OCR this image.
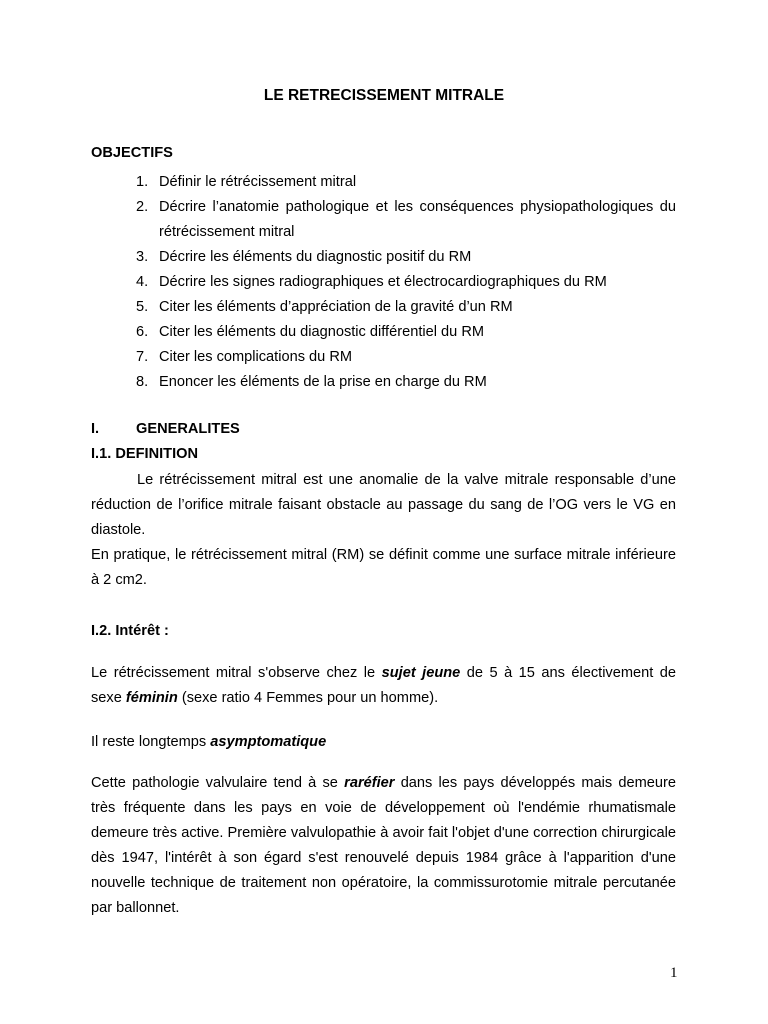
LE RETRECISSEMENT MITRALE

OBJECTIFS

1. Définir le rétrécissement mitral
2. Décrire l’anatomie pathologique et les conséquences physiopathologiques du rétrécissement mitral
3. Décrire les éléments du diagnostic positif du RM
4. Décrire les signes radiographiques et électrocardiographiques du RM
5. Citer les éléments d’appréciation de la gravité d’un RM
6. Citer les éléments du diagnostic différentiel du RM
7. Citer les complications du RM
8. Enoncer les éléments de la prise en charge du RM

I.	GENERALITES

I.1. DEFINITION

Le rétrécissement mitral est une anomalie de la valve mitrale responsable d’une réduction de l’orifice mitrale faisant obstacle au passage du sang de l’OG vers le VG en diastole.

En pratique, le rétrécissement mitral (RM) se définit comme une surface mitrale inférieure à 2 cm2.

I.2. Intérêt :

Le rétrécissement mitral s'observe chez le sujet jeune de 5 à 15 ans électivement de sexe féminin (sexe ratio 4 Femmes pour un homme).

Il reste longtemps asymptomatique

Cette pathologie valvulaire tend à se raréfier dans les pays développés mais demeure très fréquente dans les pays en voie de développement où l'endémie rhumatismale demeure très active. Première valvulopathie à avoir fait l'objet d'une correction chirurgicale dès 1947, l'intérêt à son égard s'est renouvelé depuis 1984 grâce à l'apparition d'une nouvelle technique de traitement non opératoire, la commissurotomie mitrale percutanée par ballonnet.

1
